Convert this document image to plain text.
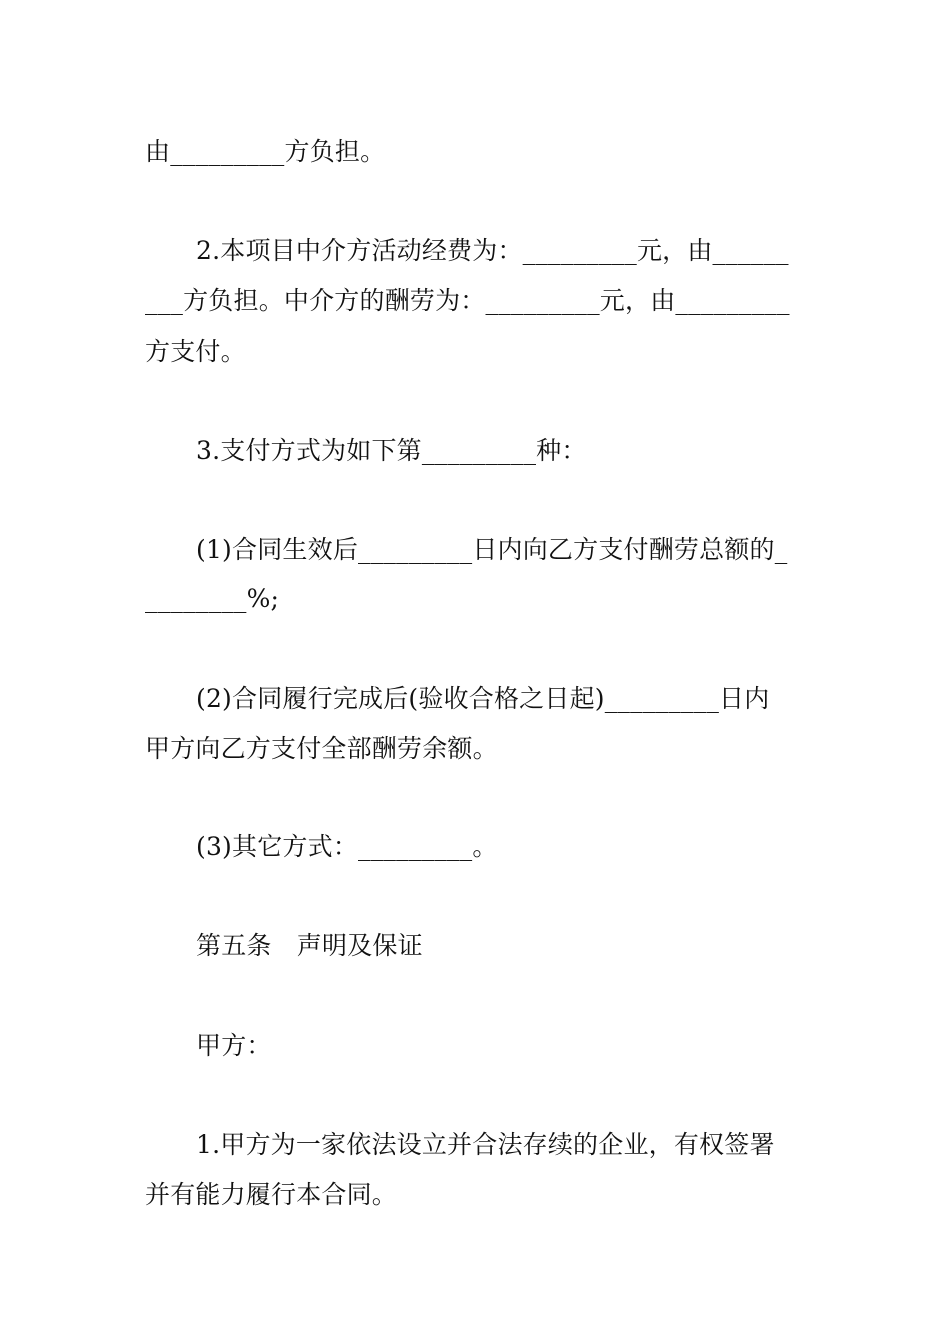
由_________方负担。
2.本项目中介方活动经费为：_________元，由______
___方负担。中介方的酬劳为：_________元，由_________
方支付。
3.支付方式为如下第_________种：
(1)合同生效后_________日内向乙方支付酬劳总额的_
________%;
(2)合同履行完成后(验收合格之日起)_________日内
甲方向乙方支付全部酬劳余额。
(3)其它方式：_________。
第五条　声明及保证
甲方：
1.甲方为一家依法设立并合法存续的企业，有权签署
并有能力履行本合同。
